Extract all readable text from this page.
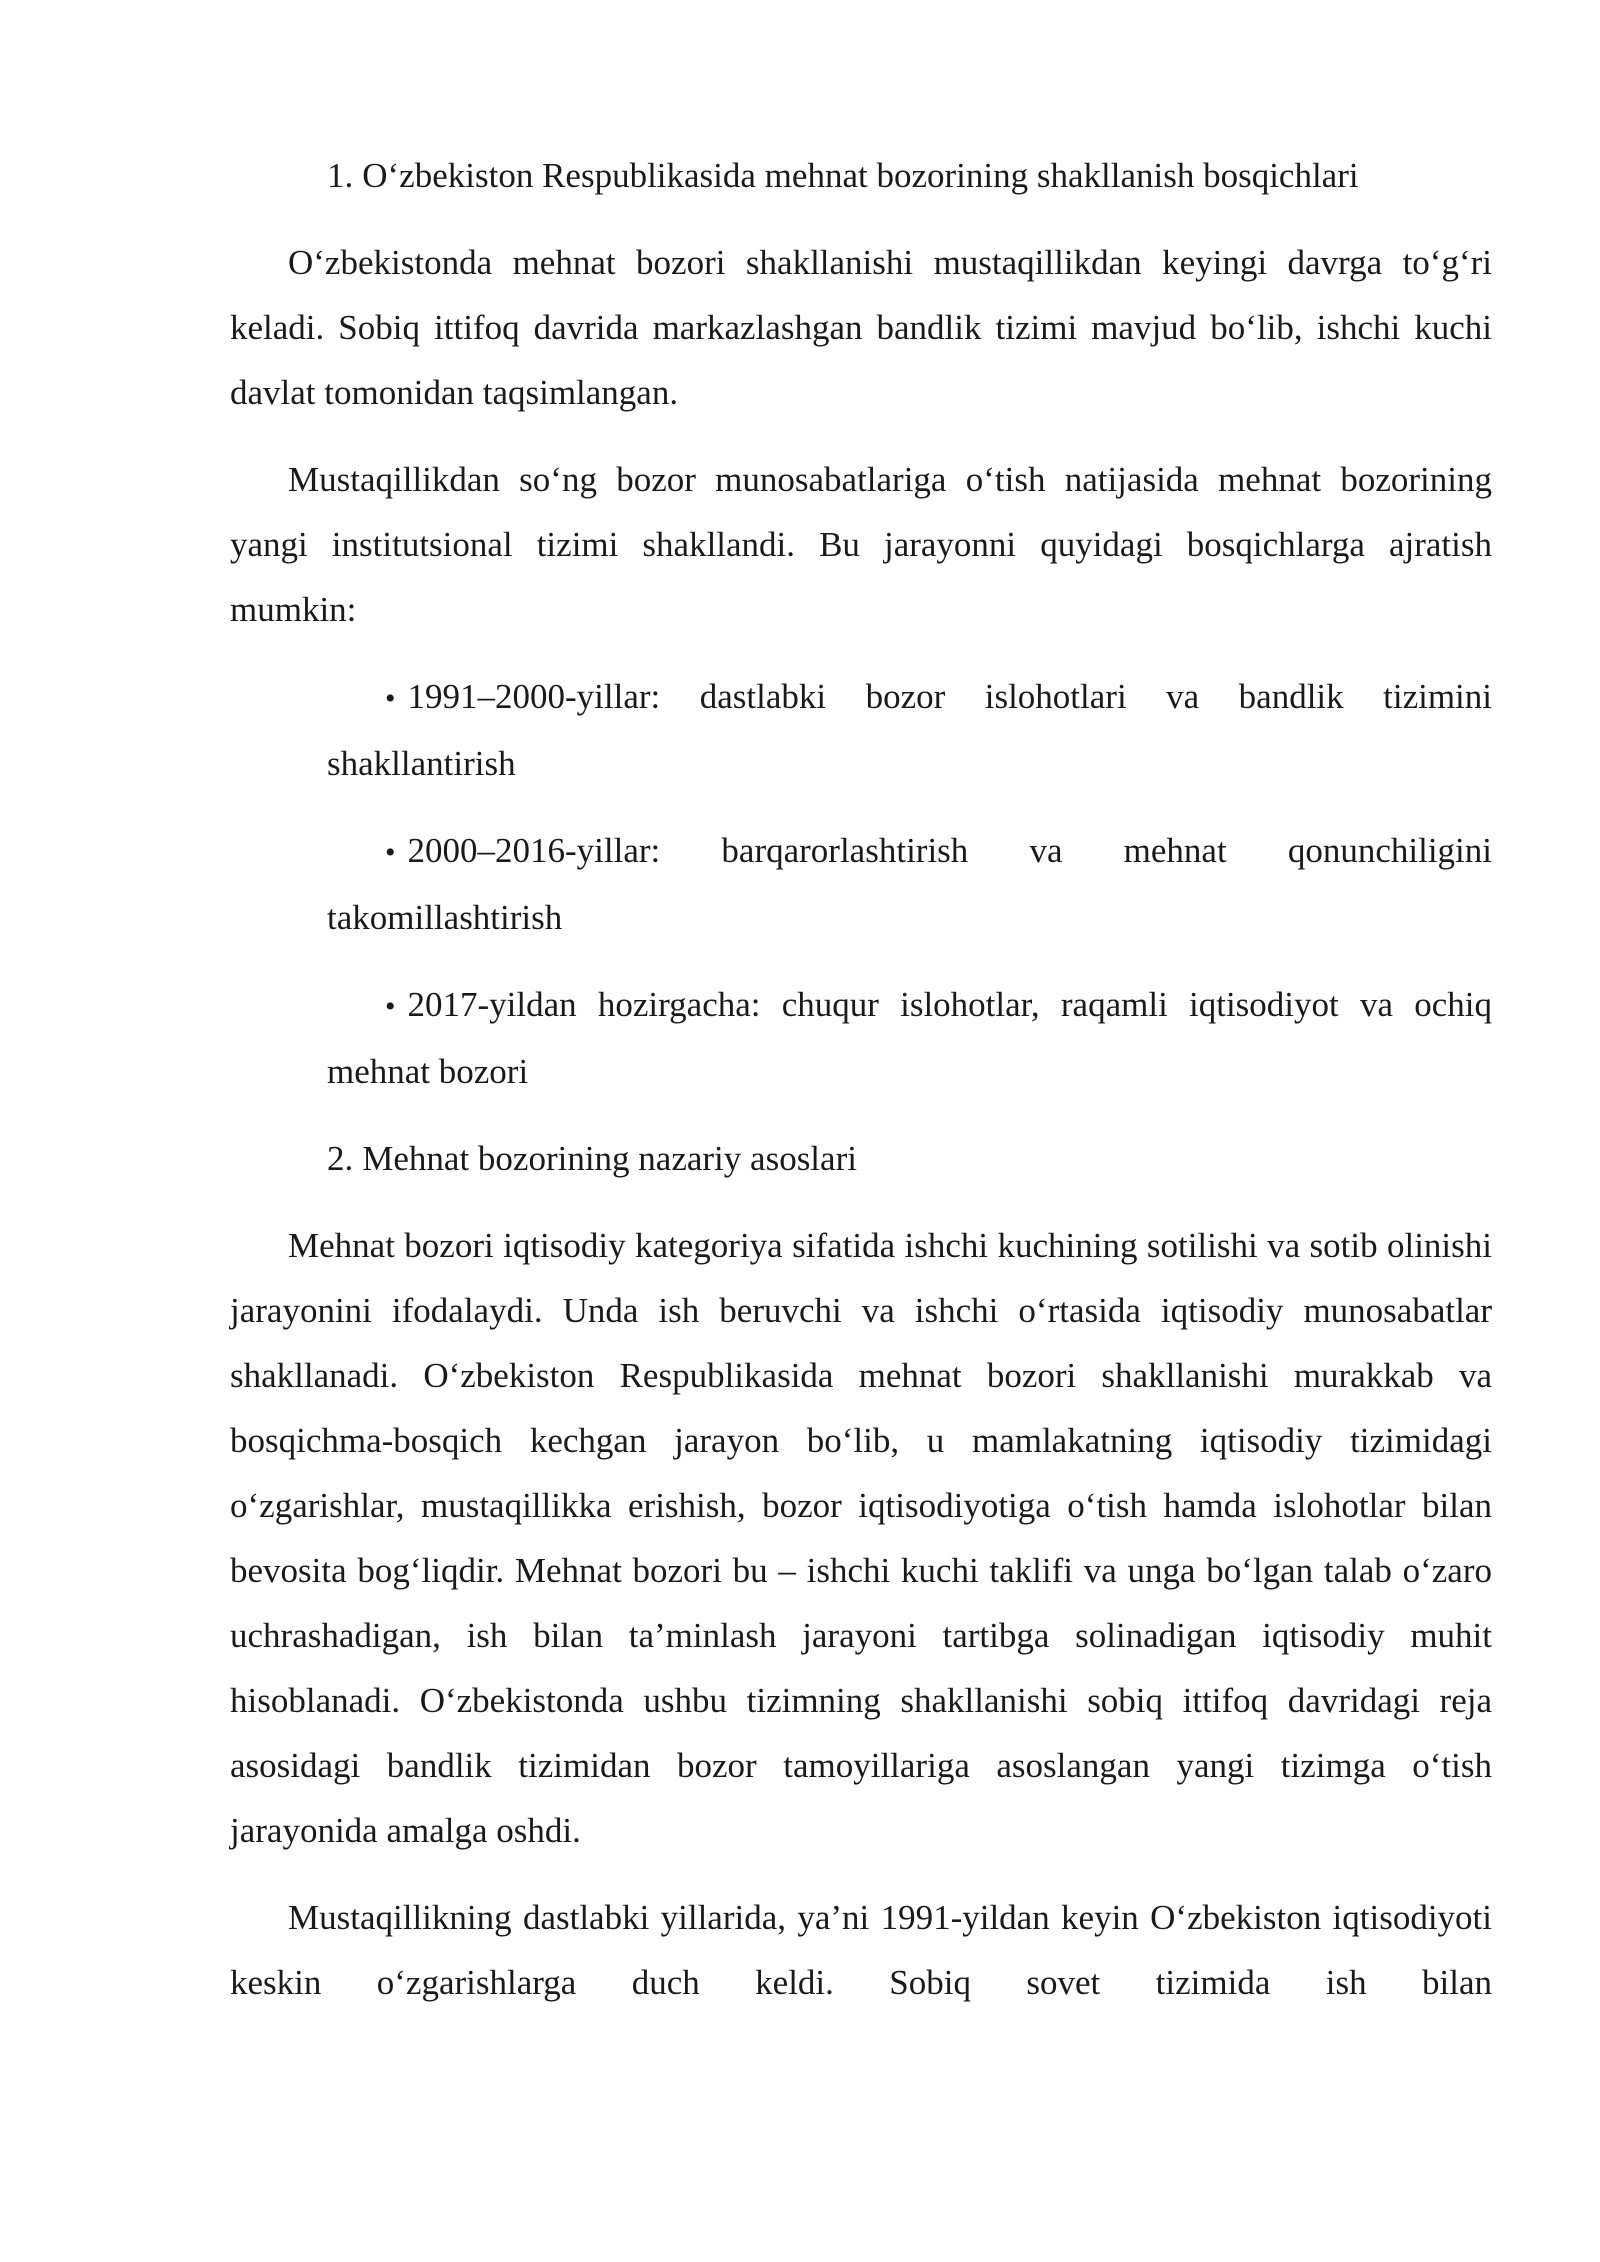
1. O‘zbekiston Respublikasida mehnat bozorining shakllanish bosqichlari

O‘zbekistonda mehnat bozori shakllanishi mustaqillikdan keyingi davrga to‘g‘ri keladi. Sobiq ittifoq davrida markazlashgan bandlik tizimi mavjud bo‘lib, ishchi kuchi davlat tomonidan taqsimlangan.

Mustaqillikdan so‘ng bozor munosabatlariga o‘tish natijasida mehnat bozorining yangi institutsional tizimi shakllandi. Bu jarayonni quyidagi bosqichlarga ajratish mumkin:

• 1991–2000-yillar: dastlabki bozor islohotlari va bandlik tizimini shakllantirish

• 2000–2016-yillar: barqarorlashtirish va mehnat qonunchiligini takomillashtirish

• 2017-yildan hozirgacha: chuqur islohotlar, raqamli iqtisodiyot va ochiq mehnat bozori

2. Mehnat bozorining nazariy asoslari

Mehnat bozori iqtisodiy kategoriya sifatida ishchi kuchining sotilishi va sotib olinishi jarayonini ifodalaydi. Unda ish beruvchi va ishchi o‘rtasida iqtisodiy munosabatlar shakllanadi. O‘zbekiston Respublikasida mehnat bozori shakllanishi murakkab va bosqichma-bosqich kechgan jarayon bo‘lib, u mamlakatning iqtisodiy tizimidagi o‘zgarishlar, mustaqillikka erishish, bozor iqtisodiyotiga o‘tish hamda islohotlar bilan bevosita bog‘liqdir. Mehnat bozori bu – ishchi kuchi taklifi va unga bo‘lgan talab o‘zaro uchrashadigan, ish bilan ta’minlash jarayoni tartibga solinadigan iqtisodiy muhit hisoblanadi. O‘zbekistonda ushbu tizimning shakllanishi sobiq ittifoq davridagi reja asosidagi bandlik tizimidan bozor tamoyillariga asoslangan yangi tizimga o‘tish jarayonida amalga oshdi.

Mustaqillikning dastlabki yillarida, ya’ni 1991-yildan keyin O‘zbekiston iqtisodiyoti keskin o‘zgarishlarga duch keldi. Sobiq sovet tizimida ish bilan
